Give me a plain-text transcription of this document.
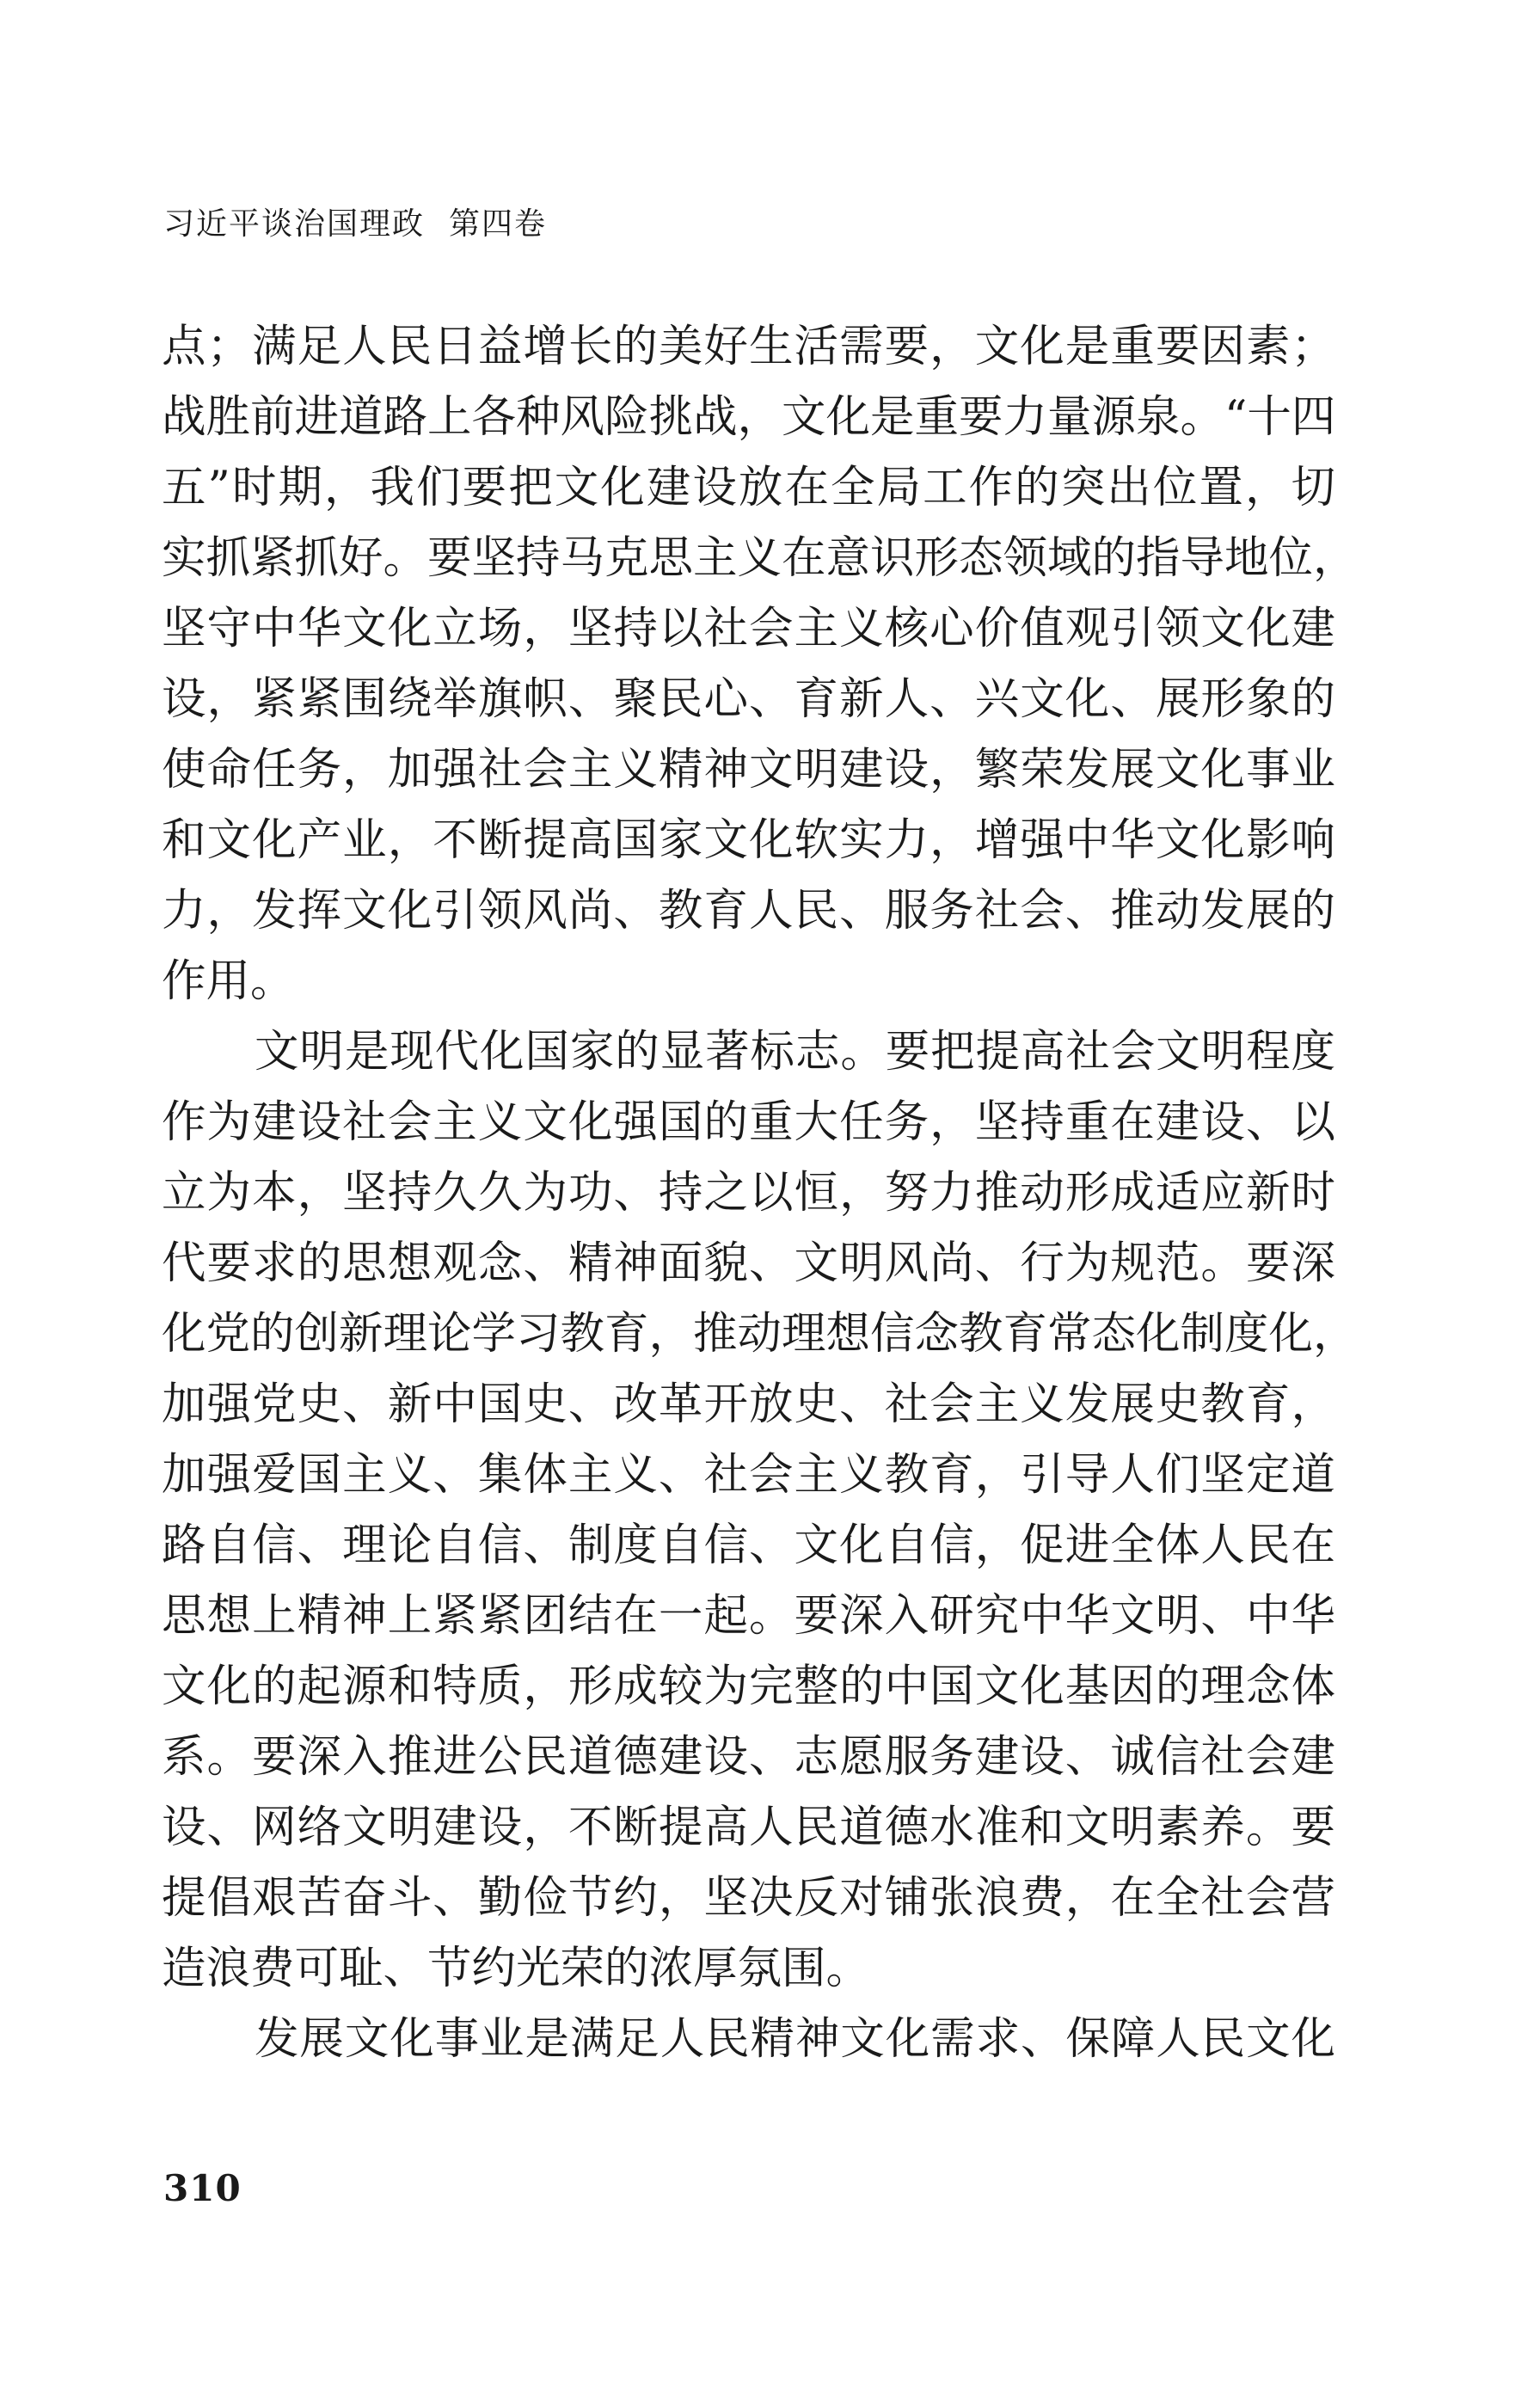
习近平谈治国理政 第四卷
点；满足人民日益增长的美好生活需要，文化是重要因素；
战胜前进道路上各种风险挑战，文化是重要力量源泉。“十四
五”时期，我们要把文化建设放在全局工作的突出位置，切
实抓紧抓好。要坚持马克思主义在意识形态领域的指导地位，
坚守中华文化立场，坚持以社会主义核心价值观引领文化建
设，紧紧围绕举旗帜、聚民心、育新人、兴文化、展形象的
使命任务，加强社会主义精神文明建设，繁荣发展文化事业
和文化产业，不断提高国家文化软实力，增强中华文化影响
力，发挥文化引领风尚、教育人民、服务社会、推动发展的
作用。
文明是现代化国家的显著标志。要把提高社会文明程度
作为建设社会主义文化强国的重大任务，坚持重在建设、以
立为本，坚持久久为功、持之以恒，努力推动形成适应新时
代要求的思想观念、精神面貌、文明风尚、行为规范。要深
化党的创新理论学习教育，推动理想信念教育常态化制度化，
加强党史、新中国史、改革开放史、社会主义发展史教育，
加强爱国主义、集体主义、社会主义教育，引导人们坚定道
路自信、理论自信、制度自信、文化自信，促进全体人民在
思想上精神上紧紧团结在一起。要深入研究中华文明、中华
文化的起源和特质，形成较为完整的中国文化基因的理念体
系。要深入推进公民道德建设、志愿服务建设、诚信社会建
设、网络文明建设，不断提高人民道德水准和文明素养。要
提倡艰苦奋斗、勤俭节约，坚决反对铺张浪费，在全社会营
造浪费可耻、节约光荣的浓厚氛围。
发展文化事业是满足人民精神文化需求、保障人民文化
310
